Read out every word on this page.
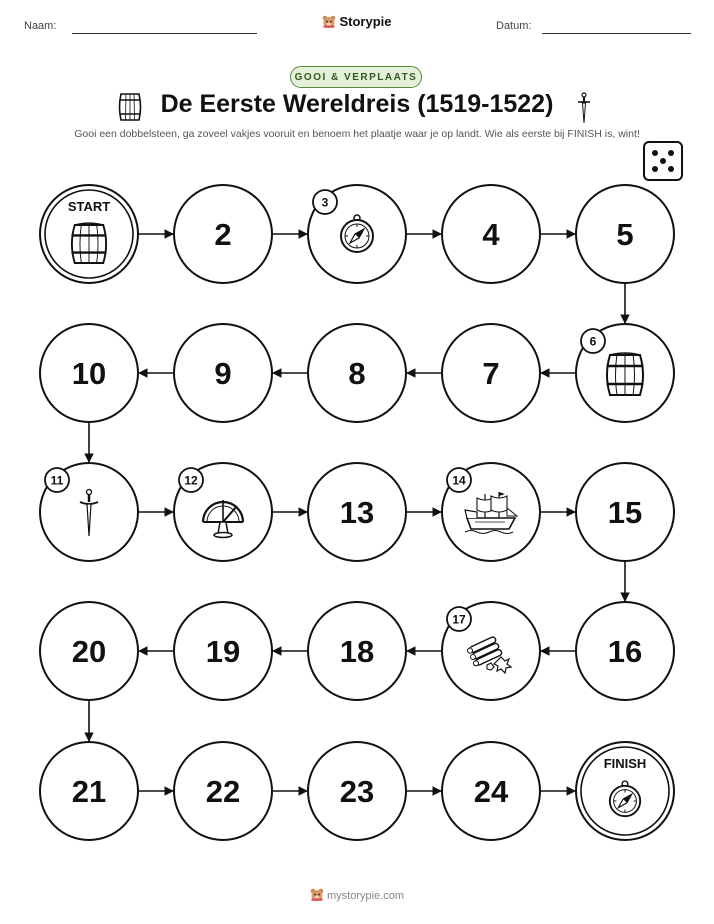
Naam:	Storypie	Datum:
GOOI & VERPLAATS
De Eerste Wereldreis (1519-1522)
Gooi een dobbelsteen, ga zoveel vakjes vooruit en benoem het plaatje waar je op landt. Wie als eerste bij FINISH is, wint!
START
2
3
4	5
6
7
8
9
10
11	12
13
14
15
16
17
18
19
20
21	22	23	24
FINISH
mystorypie.com
